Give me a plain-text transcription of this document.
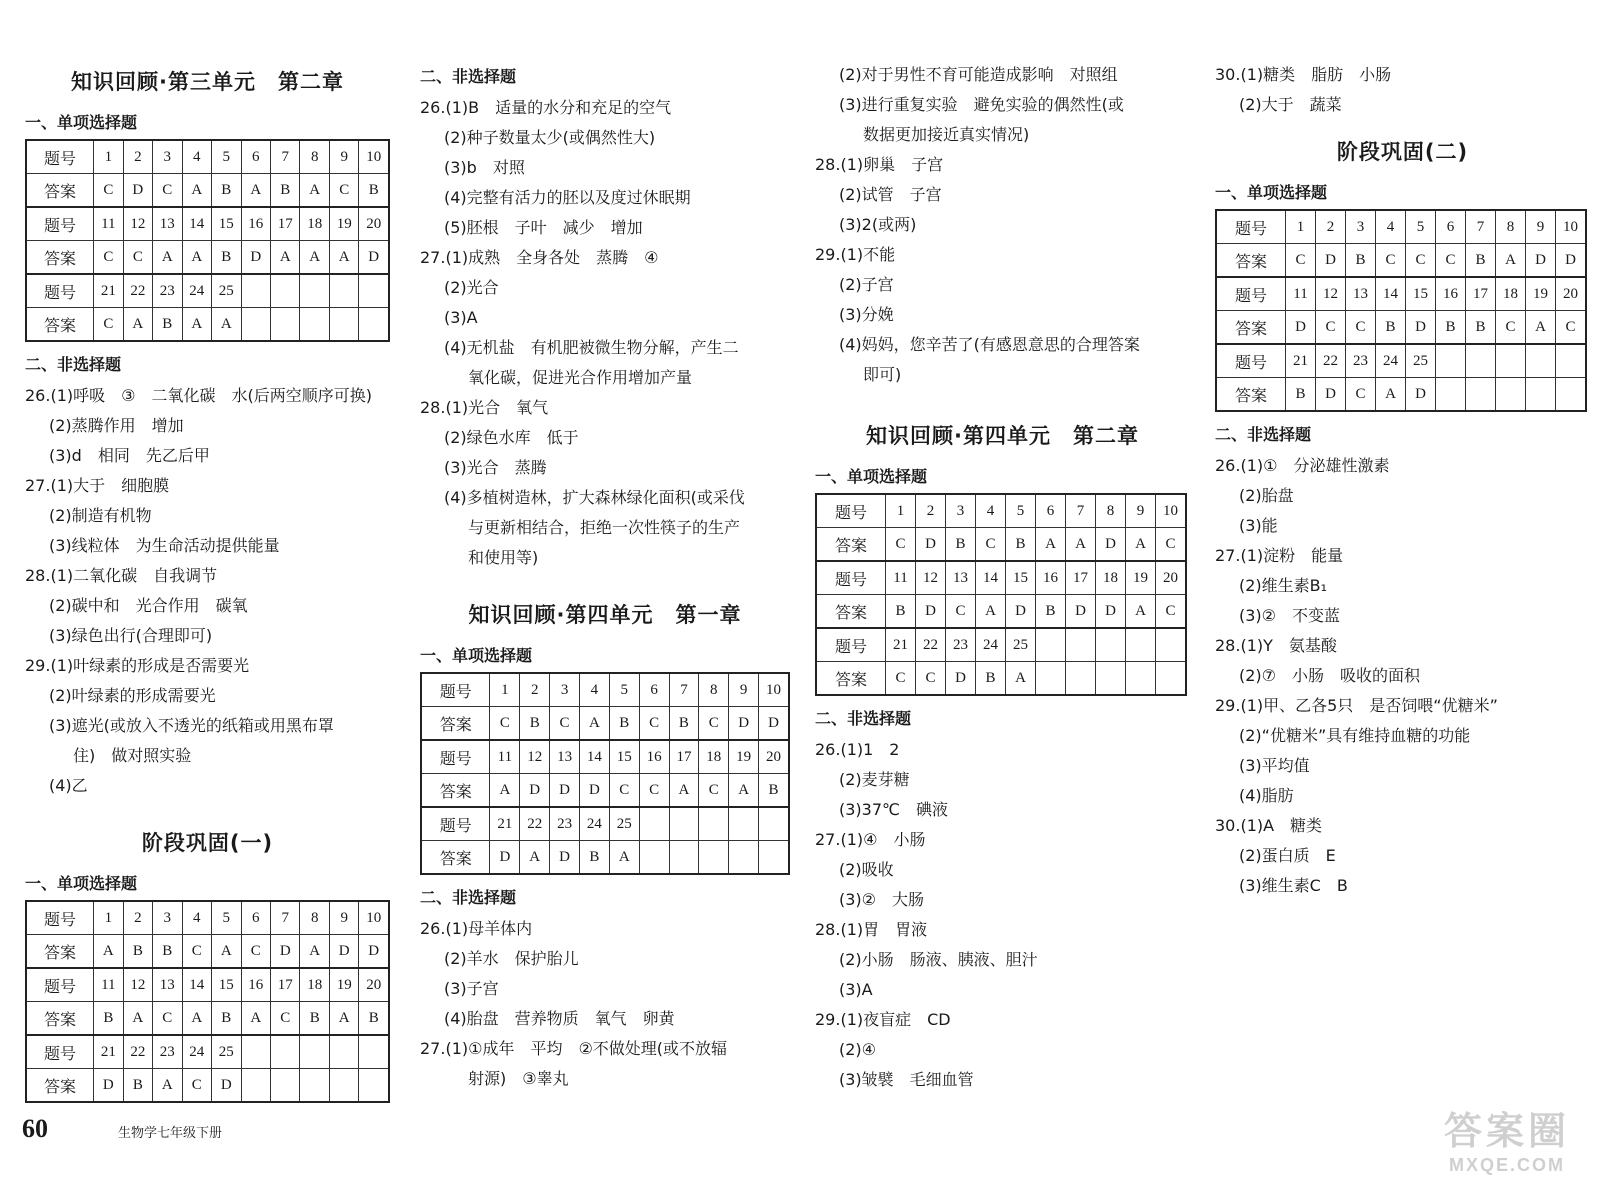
知识回顾·第三单元　第二章
一、单项选择题
题号	1	2	3	4	5	6	7	8	9	10
答案	C	D	C	A	B	A	B	A	C	B
题号	11	12	13	14	15	16	17	18	19	20
答案	C	C	A	A	B	D	A	A	A	D
题号	21	22	23	24	25					
答案	C	A	B	A	A					
二、非选择题
26.(1)呼吸　③　二氧化碳　水(后两空顺序可换)
(2)蒸腾作用　增加
(3)d　相同　先乙后甲
27.(1)大于　细胞膜
(2)制造有机物
(3)线粒体　为生命活动提供能量
28.(1)二氧化碳　自我调节
(2)碳中和　光合作用　碳氧
(3)绿色出行(合理即可)
29.(1)叶绿素的形成是否需要光
(2)叶绿素的形成需要光
(3)遮光(或放入不透光的纸箱或用黑布罩
住)　做对照实验
(4)乙
阶段巩固(一)
一、单项选择题
题号	1	2	3	4	5	6	7	8	9	10
答案	A	B	B	C	A	C	D	A	D	D
题号	11	12	13	14	15	16	17	18	19	20
答案	B	A	C	A	B	A	C	B	A	B
题号	21	22	23	24	25					
答案	D	B	A	C	D					
二、非选择题
26.(1)B　适量的水分和充足的空气
(2)种子数量太少(或偶然性大)
(3)b　对照
(4)完整有活力的胚以及度过休眠期
(5)胚根　子叶　减少　增加
27.(1)成熟　全身各处　蒸腾　④
(2)光合
(3)A
(4)无机盐　有机肥被微生物分解，产生二
氧化碳，促进光合作用增加产量
28.(1)光合　氧气
(2)绿色水库　低于
(3)光合　蒸腾
(4)多植树造林，扩大森林绿化面积(或采伐
与更新相结合，拒绝一次性筷子的生产
和使用等)
知识回顾·第四单元　第一章
一、单项选择题
题号	1	2	3	4	5	6	7	8	9	10
答案	C	B	C	A	B	C	B	C	D	D
题号	11	12	13	14	15	16	17	18	19	20
答案	A	D	D	D	C	C	A	C	A	B
题号	21	22	23	24	25					
答案	D	A	D	B	A					
二、非选择题
26.(1)母羊体内
(2)羊水　保护胎儿
(3)子宫
(4)胎盘　营养物质　氧气　卵黄
27.(1)①成年　平均　②不做处理(或不放辐
射源)　③睾丸
(2)对于男性不育可能造成影响　对照组
(3)进行重复实验　避免实验的偶然性(或
数据更加接近真实情况)
28.(1)卵巢　子宫
(2)试管　子宫
(3)2(或两)
29.(1)不能
(2)子宫
(3)分娩
(4)妈妈，您辛苦了(有感恩意思的合理答案
即可)
知识回顾·第四单元　第二章
一、单项选择题
题号	1	2	3	4	5	6	7	8	9	10
答案	C	D	B	C	B	A	A	D	A	C
题号	11	12	13	14	15	16	17	18	19	20
答案	B	D	C	A	D	B	D	D	A	C
题号	21	22	23	24	25					
答案	C	C	D	B	A					
二、非选择题
26.(1)1　2
(2)麦芽糖
(3)37℃　碘液
27.(1)④　小肠
(2)吸收
(3)②　大肠
28.(1)胃　胃液
(2)小肠　肠液、胰液、胆汁
(3)A
29.(1)夜盲症　CD
(2)④
(3)皱襞　毛细血管
30.(1)糖类　脂肪　小肠
(2)大于　蔬菜
阶段巩固(二)
一、单项选择题
题号	1	2	3	4	5	6	7	8	9	10
答案	C	D	B	C	C	C	B	A	D	D
题号	11	12	13	14	15	16	17	18	19	20
答案	D	C	C	B	D	B	B	C	A	C
题号	21	22	23	24	25					
答案	B	D	C	A	D					
二、非选择题
26.(1)①　分泌雄性激素
(2)胎盘
(3)能
27.(1)淀粉　能量
(2)维生素B₁
(3)②　不变蓝
28.(1)Y　氨基酸
(2)⑦　小肠　吸收的面积
29.(1)甲、乙各5只　是否饲喂“优糖米”
(2)“优糖米”具有维持血糖的功能
(3)平均值
(4)脂肪
30.(1)A　糖类
(2)蛋白质　E
(3)维生素C　B
60	生物学七年级下册	答案圈
MXQE.COM
